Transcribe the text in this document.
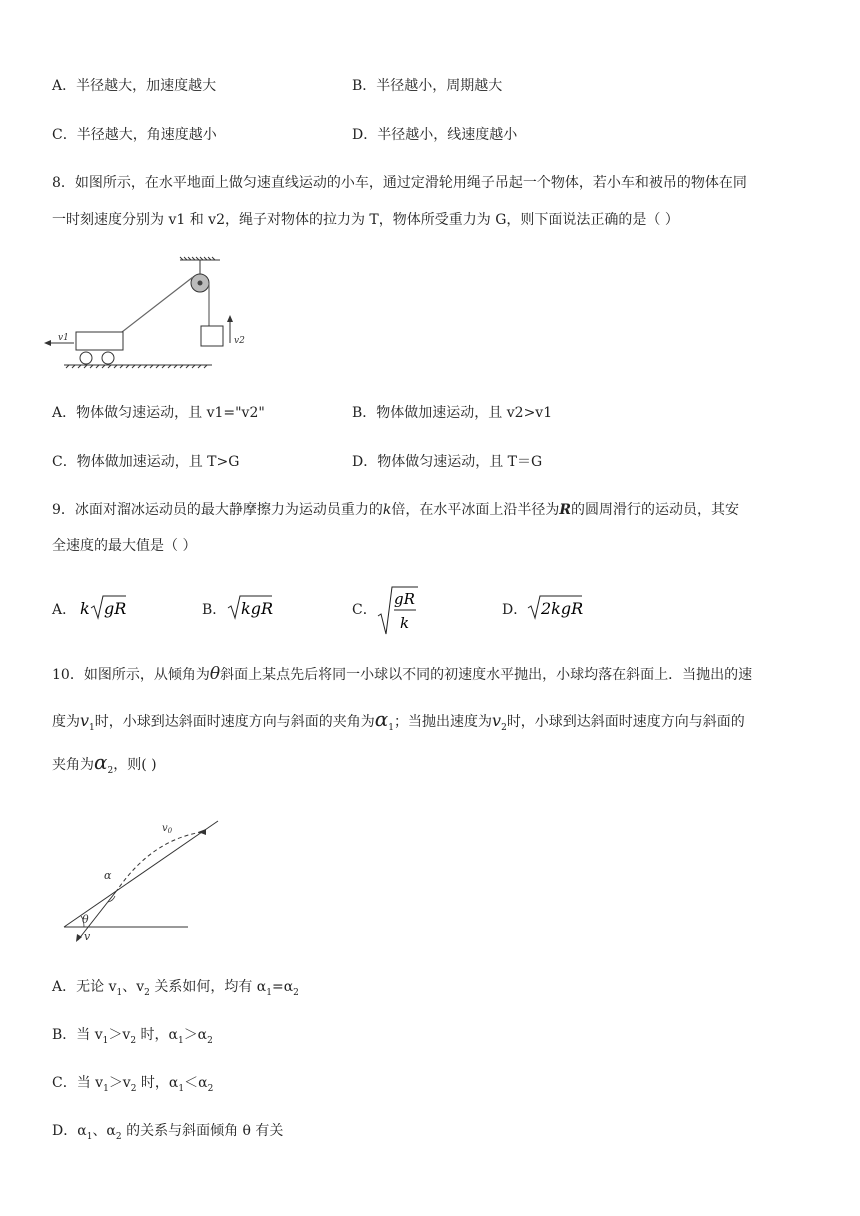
A．半径越大，加速度越大	B．半径越小，周期越大
C．半径越大，角速度越小	D．半径越小，线速度越小
8．如图所示，在水平地面上做匀速直线运动的小车，通过定滑轮用绳子吊起一个物体，若小车和被吊的物体在同
一时刻速度分别为 v1 和 v2，绳子对物体的拉力为 T，物体所受重力为 G，则下面说法正确的是（ ）
v2
v1
A．物体做匀速运动，且 v1="v2"	B．物体做加速运动，且 v2>v1
C．物体做加速运动，且 T>G	D．物体做匀速运动，且 T＝G
9．冰面对溜冰运动员的最大静摩擦力为运动员重力的k倍，在水平冰面上沿半径为R的圆周滑行的运动员，其安
全速度的最大值是（ ）
A． k gR	B． kgR	C．
gR
k
D． 2kgR
10．如图所示，从倾角为θ斜面上某点先后将同一小球以不同的初速度水平抛出，小球均落在斜面上．当抛出的速
度为$v_1$时，小球到达斜面时速度方向与斜面的夹角为$\alpha_1$；当抛出速度为$v_2$时，小球到达斜面时速度方向与斜面的
夹角为$\alpha_2$，则( )
$v_0$
α
θ
v
A．无论 $v_1$、$v_2$ 关系如何，均有 $\alpha_1=\alpha_2$
B．当 $v_1>v_2$ 时，$\alpha_1>\alpha_2$
C．当 $v_1>v_2$ 时，$\alpha_1<\alpha_2$
D．$\alpha_1$、$\alpha_2$ 的关系与斜面倾角 θ 有关
